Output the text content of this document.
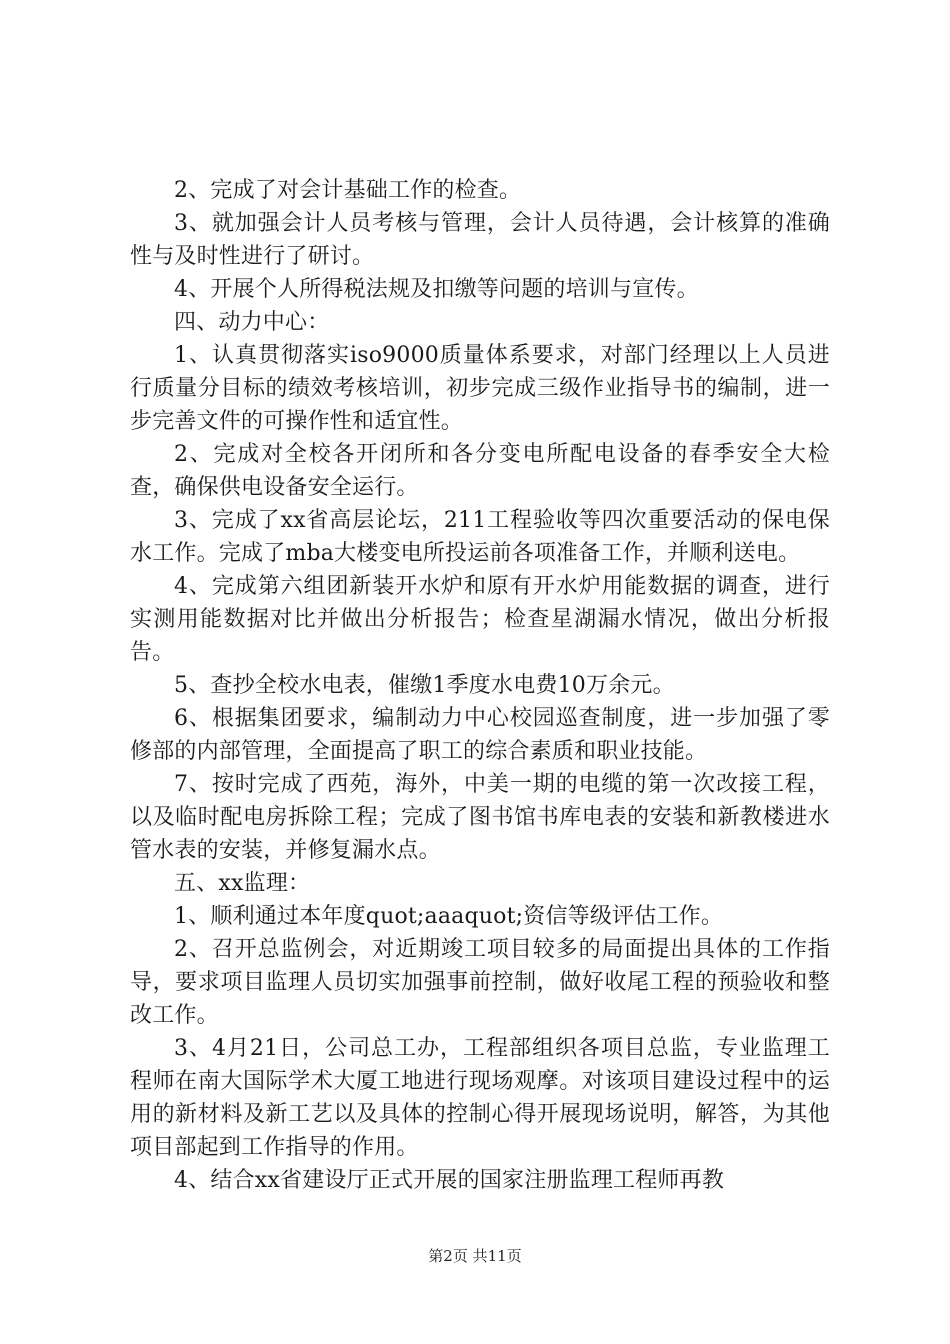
2、完成了对会计基础工作的检查。

3、就加强会计人员考核与管理，会计人员待遇，会计核算的准确性与及时性进行了研讨。

4、开展个人所得税法规及扣缴等问题的培训与宣传。

四、动力中心：

1、认真贯彻落实iso9000质量体系要求，对部门经理以上人员进行质量分目标的绩效考核培训，初步完成三级作业指导书的编制，进一步完善文件的可操作性和适宜性。

2、完成对全校各开闭所和各分变电所配电设备的春季安全大检查，确保供电设备安全运行。

3、完成了xx省高层论坛，211工程验收等四次重要活动的保电保水工作。完成了mba大楼变电所投运前各项准备工作，并顺利送电。

4、完成第六组团新装开水炉和原有开水炉用能数据的调查，进行实测用能数据对比并做出分析报告；检查星湖漏水情况，做出分析报告。

5、查抄全校水电表，催缴1季度水电费10万余元。

6、根据集团要求，编制动力中心校园巡查制度，进一步加强了零修部的内部管理，全面提高了职工的综合素质和职业技能。

7、按时完成了西苑，海外，中美一期的电缆的第一次改接工程，以及临时配电房拆除工程；完成了图书馆书库电表的安装和新教楼进水管水表的安装，并修复漏水点。

五、xx监理：

1、顺利通过本年度quot;aaaquot;资信等级评估工作。

2、召开总监例会，对近期竣工项目较多的局面提出具体的工作指导，要求项目监理人员切实加强事前控制，做好收尾工程的预验收和整改工作。

3、4月21日，公司总工办，工程部组织各项目总监，专业监理工程师在南大国际学术大厦工地进行现场观摩。对该项目建设过程中的运用的新材料及新工艺以及具体的控制心得开展现场说明，解答，为其他项目部起到工作指导的作用。

4、结合xx省建设厅正式开展的国家注册监理工程师再教

第2页 共11页
